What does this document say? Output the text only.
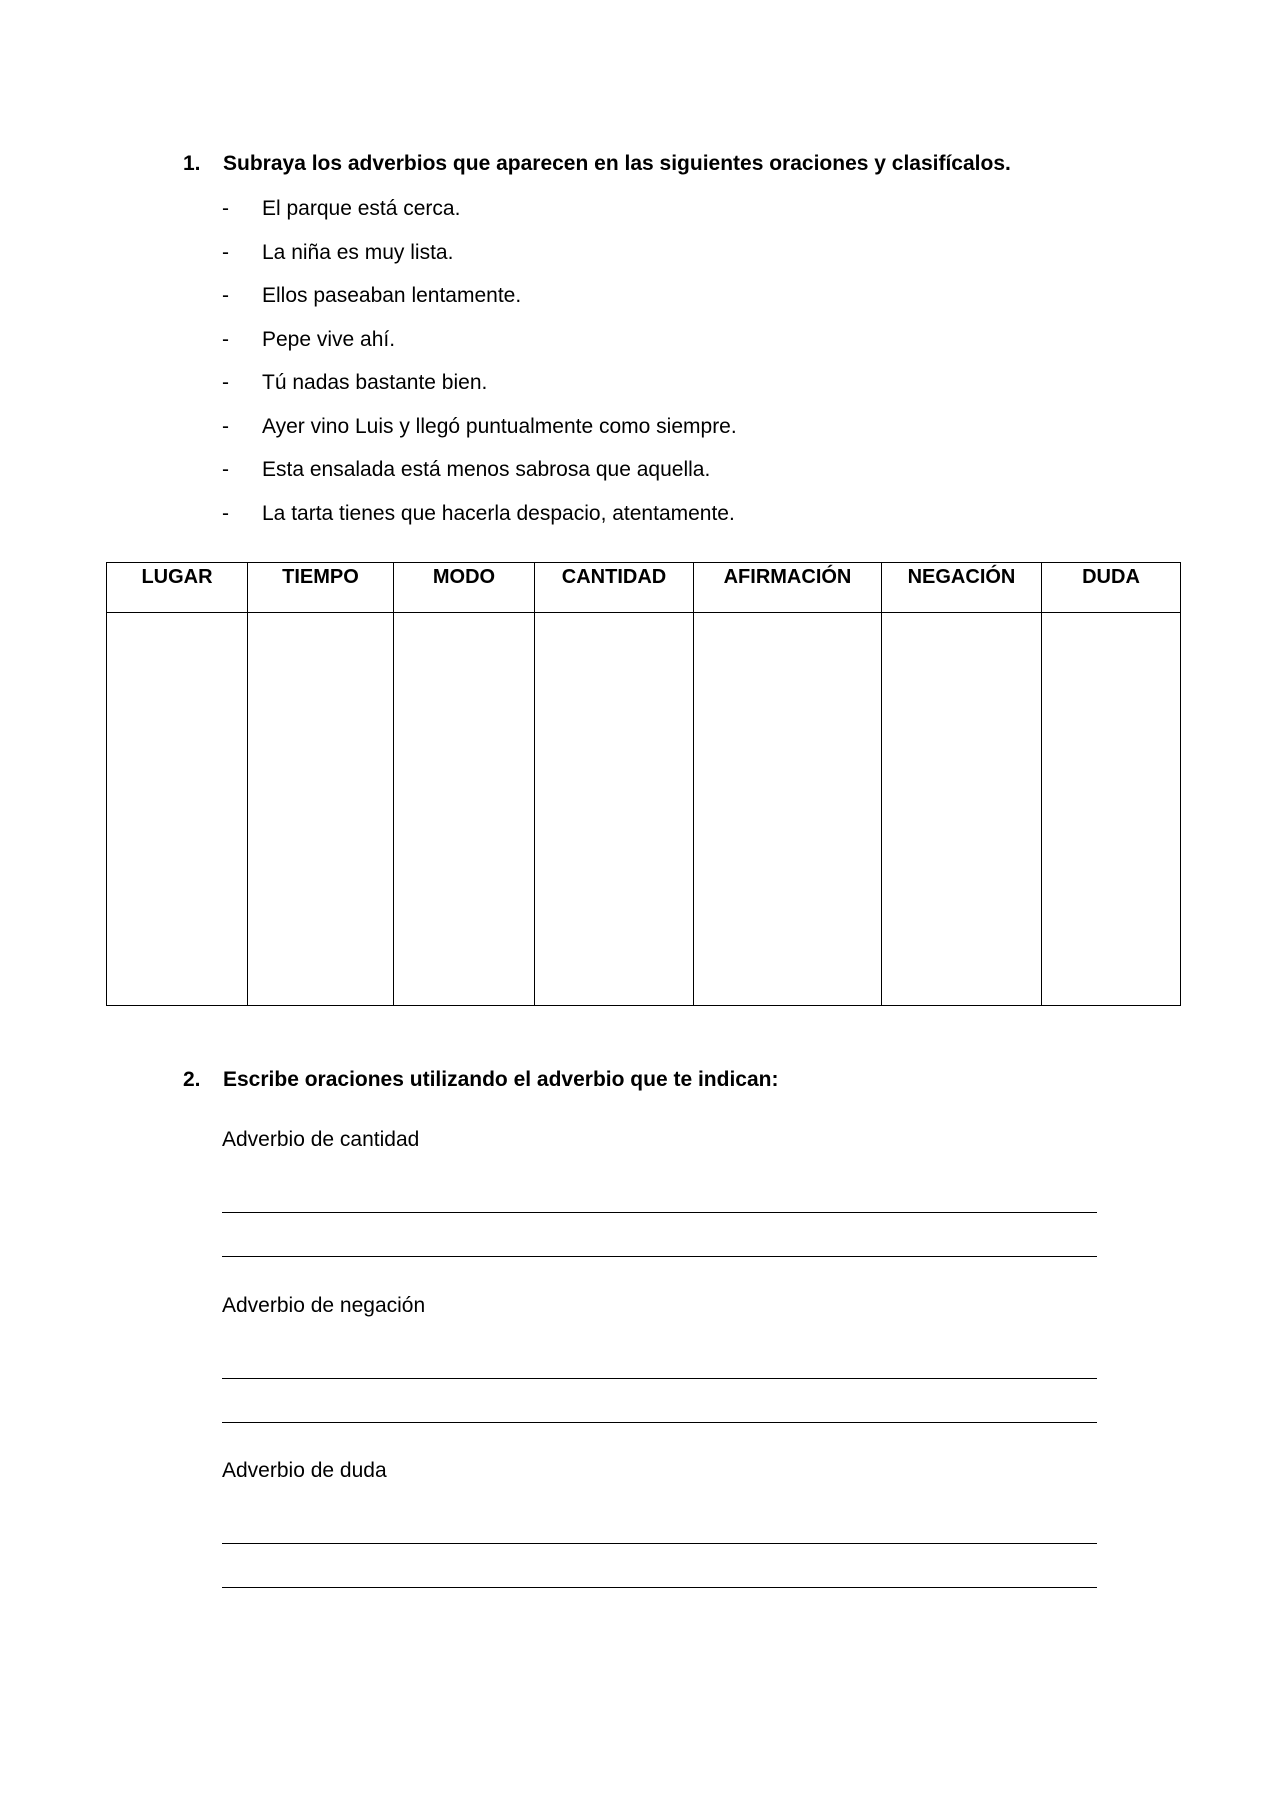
1. Subraya los adverbios que aparecen en las siguientes oraciones y clasifícalos.
- El parque está cerca.
- La niña es muy lista.
- Ellos paseaban lentamente.
- Pepe vive ahí.
- Tú nadas bastante bien.
- Ayer vino Luis y llegó puntualmente como siempre.
- Esta ensalada está menos sabrosa que aquella.
- La tarta tienes que hacerla despacio, atentamente.
LUGAR	TIEMPO	MODO	CANTIDAD	AFIRMACIÓN	NEGACIÓN	DUDA

2. Escribe oraciones utilizando el adverbio que te indican:
Adverbio de cantidad
Adverbio de negación
Adverbio de duda
